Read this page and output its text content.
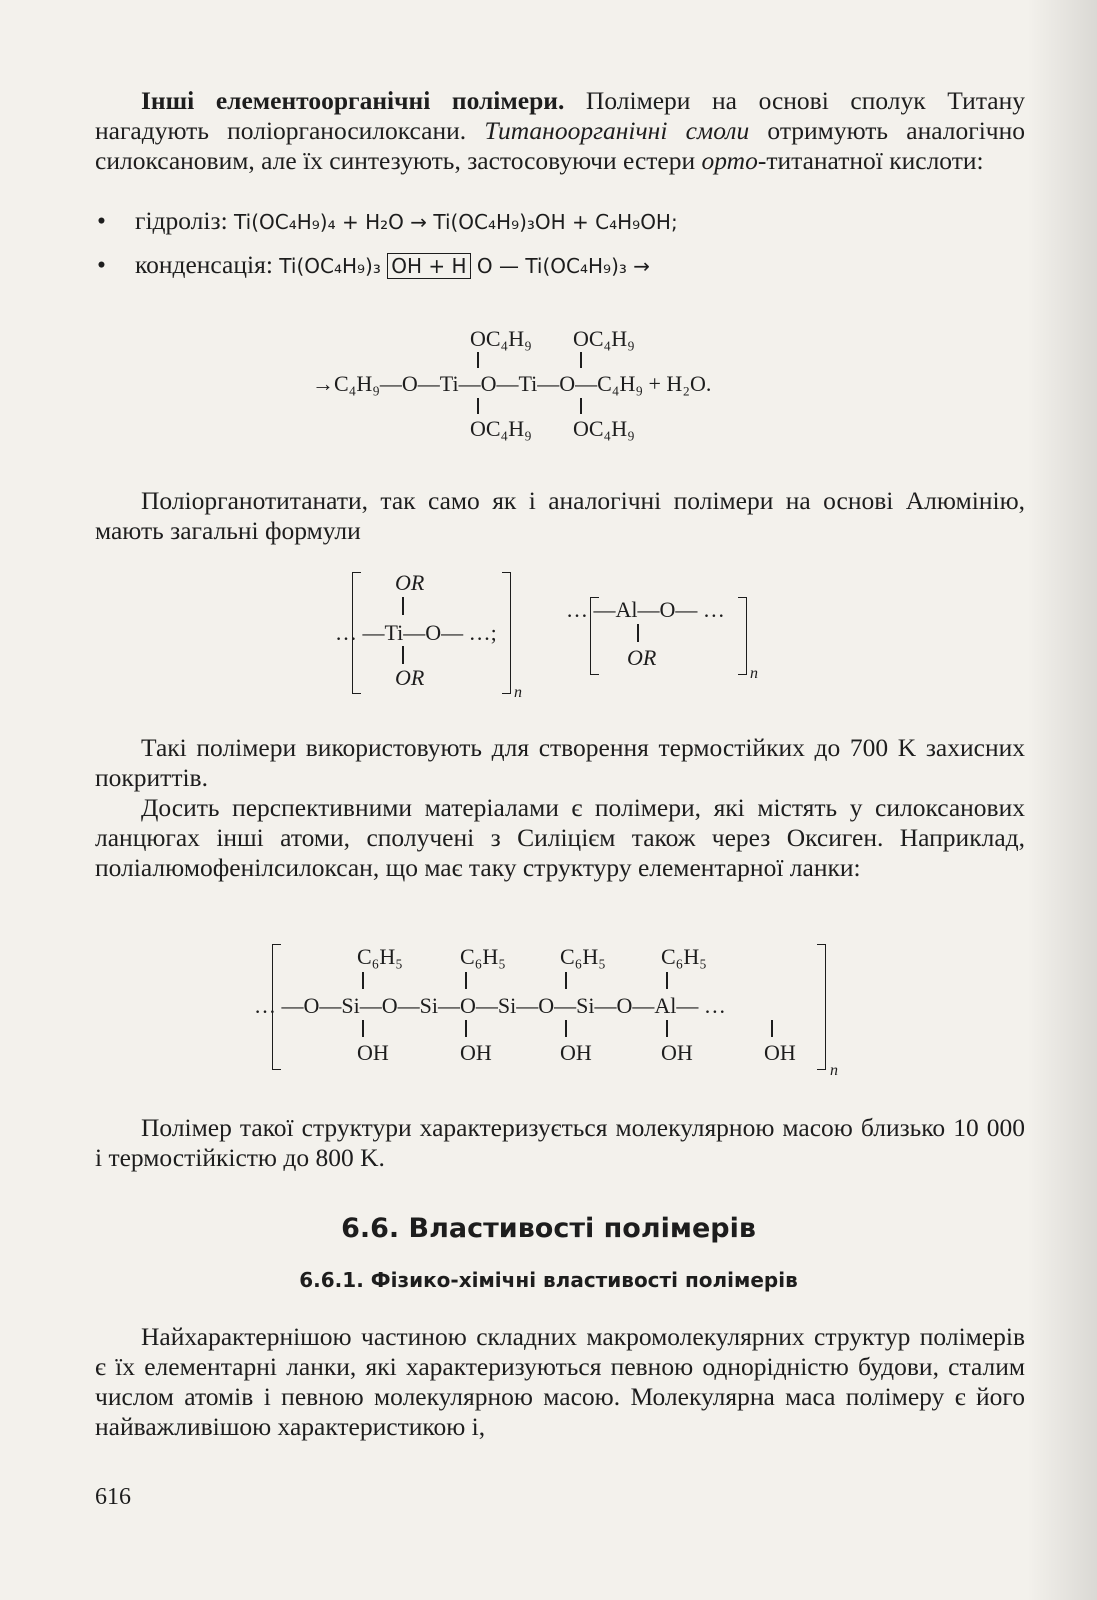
Інші елементоорганічні полімери. Полімери на основі сполук Титану нагадують поліорганосилоксани. Титаноорганічні смоли отримують аналогічно силоксановим, але їх синтезують, застосовуючи естери орто-титанатної кислоти:

• гідроліз: Ti(OC₄H₉)₄ + H₂O → Ti(OC₄H₉)₃OH + C₄H₉OH;
• конденсація: Ti(OC₄H₉)₃ OH + H O — Ti(OC₄H₉)₃ →
OC₄H₉ OC₄H₉
→C₄H₉—O—Ti—O—Ti—O—C₄H₉ + H₂O.
OC₄H₉ OC₄H₉

Поліорганотитанати, так само як і аналогічні полімери на основі Алюмінію, мають загальні формули

OR
… —Ti—O— …;
OR
n
… —Al—O— …
OR
n

Такі полімери використовують для створення термостійких до 700 K захисних покриттів.

Досить перспективними матеріалами є полімери, які містять у силоксанових ланцюгах інші атоми, сполучені з Силіцієм також через Оксиген. Наприклад, поліалюмофенілсилоксан, що має таку структуру елементарної ланки:

C₆H₅	C₆H₅ C₆H₅	C₆H₅
… —O—Si—O—Si—O—Si—O—Si—O—Al— …
OH	OH	OH	OH	OH
n

Полімер такої структури характеризується молекулярною масою близько 10 000 і термостійкістю до 800 K.

6.6. Властивості полімерів
6.6.1. Фізико-хімічні властивості полімерів

Найхарактернішою частиною складних макромолекулярних структур полімерів є їх елементарні ланки, які характеризуються певною однорідністю будови, сталим числом атомів і певною молекулярною масою. Молекулярна маса полімеру є його найважливішою характеристикою і,

616
